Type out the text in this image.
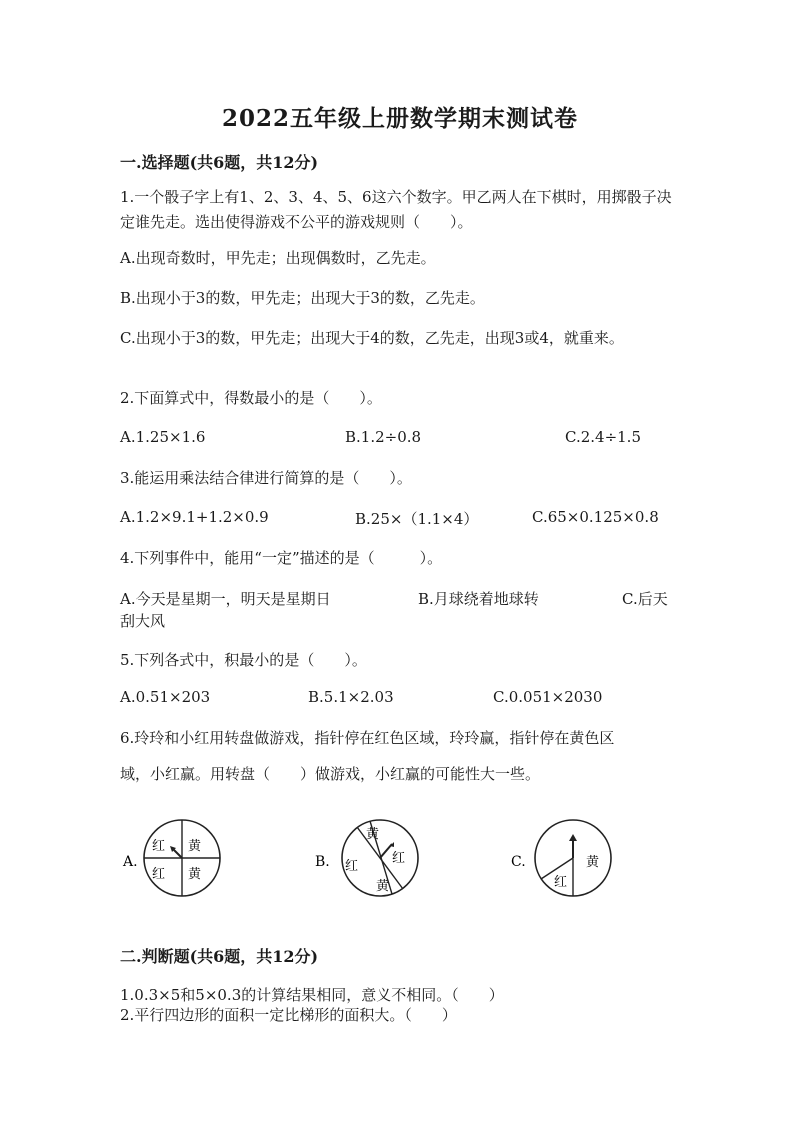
2022五年级上册数学期末测试卷
一.选择题(共6题，共12分)
1.一个骰子字上有1、2、3、4、5、6这六个数字。甲乙两人在下棋时，用掷骰子决定谁先走。选出使得游戏不公平的游戏规则（　　）。
A.出现奇数时，甲先走；出现偶数时，乙先走。
B.出现小于3的数，甲先走；出现大于3的数，乙先走。
C.出现小于3的数，甲先走；出现大于4的数，乙先走，出现3或4，就重来。
2.下面算式中，得数最小的是（　　）。
A.1.25×1.6	B.1.2÷0.8	C.2.4÷1.5
3.能运用乘法结合律进行简算的是（　　）。
A.1.2×9.1+1.2×0.9	B.25×（1.1×4）	C.65×0.125×0.8
4.下列事件中，能用“一定”描述的是（　　　）。
A.今天是星期一，明天是星期日	B.月球绕着地球转	C.后天
刮大风
5.下列各式中，积最小的是（　　）。
A.0.51×203	B.5.1×2.03	C.0.051×2030
6.玲玲和小红用转盘做游戏，指针停在红色区域，玲玲赢，指针停在黄色区
域，小红赢。用转盘（　　）做游戏，小红赢的可能性大一些。
A.
红 黄
红 黄
B.
黄
红
红
黄
C.	黄
红
二.判断题(共6题，共12分)
1.0.3×5和5×0.3的计算结果相同，意义不相同。（　　）
2.平行四边形的面积一定比梯形的面积大。（　　）
